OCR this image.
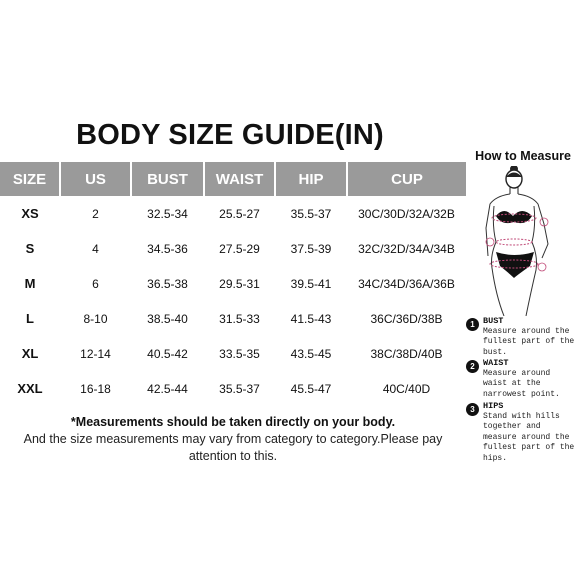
BODY SIZE GUIDE(IN)
SIZE	US	BUST	WAIST	HIP	CUP
XS	2	32.5-34	25.5-27	35.5-37	30C/30D/32A/32B
S	4	34.5-36	27.5-29	37.5-39	32C/32D/34A/34B
M	6	36.5-38	29.5-31	39.5-41	34C/34D/36A/36B
L	8-10	38.5-40	31.5-33	41.5-43	36C/36D/38B
XL	12-14	40.5-42	33.5-35	43.5-45	38C/38D/40B
XXL	16-18	42.5-44	35.5-37	45.5-47	40C/40D
*Measurements should be taken directly on your body.
And the size measurements may vary from category to category.Please pay attention to this.
How to Measure
1 BUST
Measure around the fullest part of the bust.
2 WAIST
Measure around waist at the narrowest point.
3 HIPS
Stand with hills together and measure around the fullest part of the hips.
